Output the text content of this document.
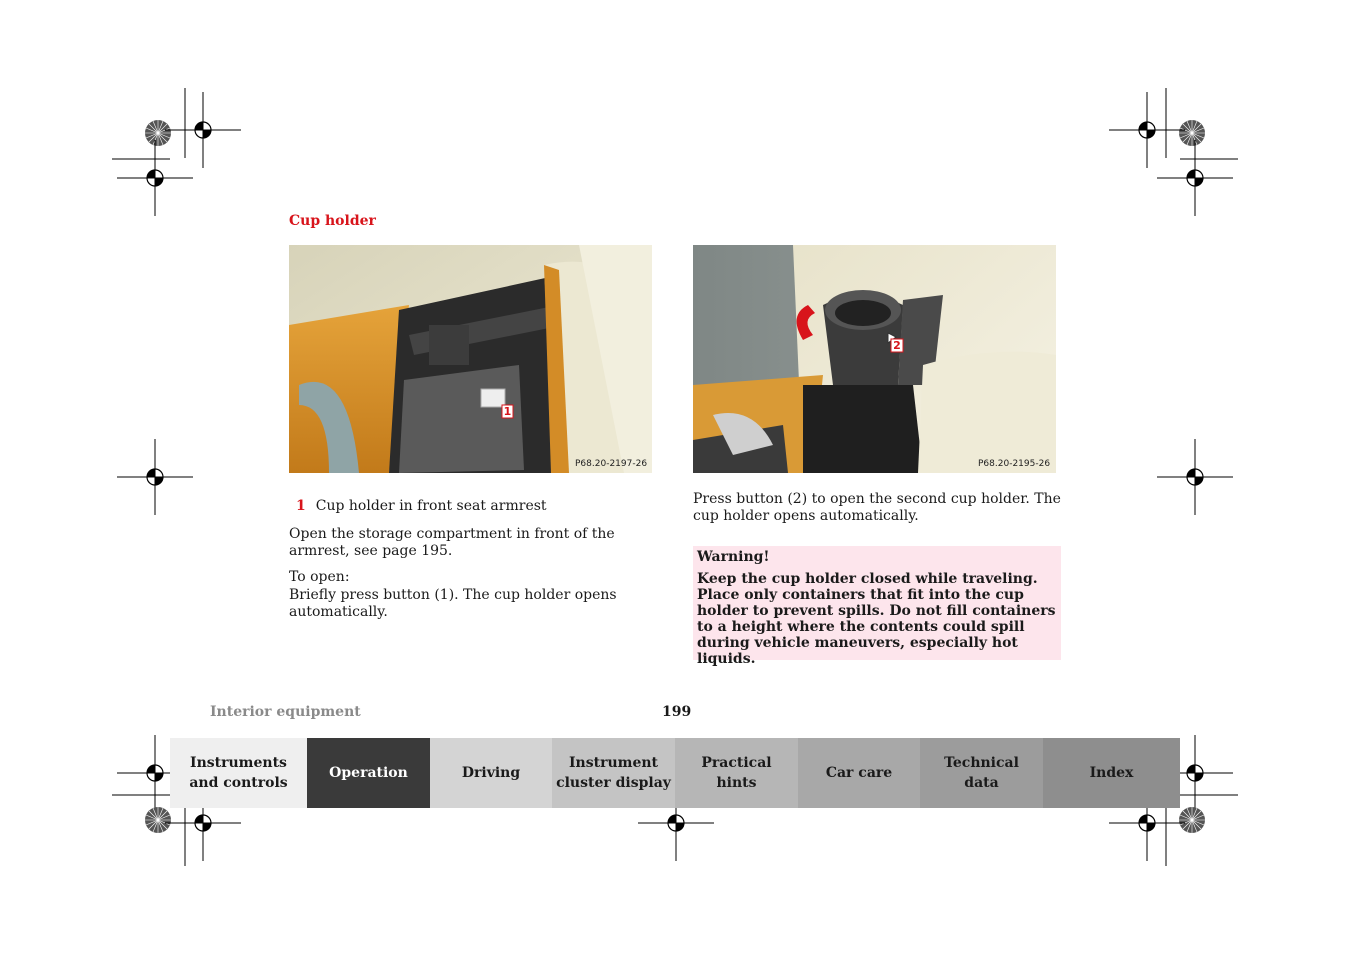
Cup holder
1
P68.20-2197-26
2
P68.20-2195-26
1 Cup holder in front seat armrest

Open the storage compartment in front of the armrest, see page 195.

To open:

Briefly press button (1). The cup holder opens automatically.

Press button (2) to open the second cup holder. The cup holder opens automatically.

Warning!
Keep the cup holder closed while traveling. Place only containers that fit into the cup holder to prevent spills. Do not fill containers to a height where the contents could spill during vehicle maneuvers, especially hot liquids.
Interior equipment	199
Instruments
and controls
Operation	Driving
Instrument
cluster display
Practical hints
Car care
Technical
data
Index
